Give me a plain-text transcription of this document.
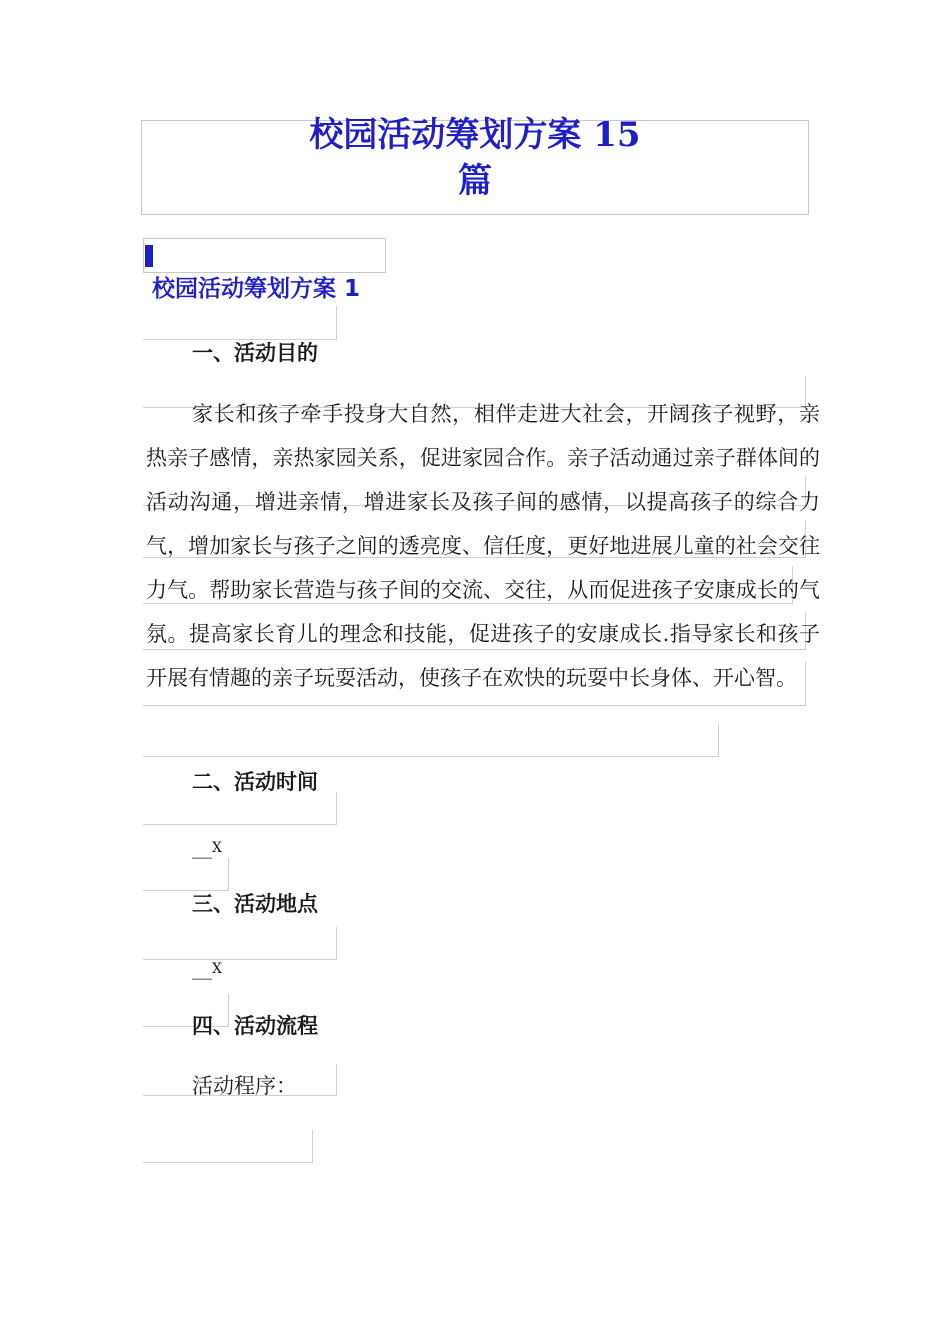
校园活动筹划方案 15
篇
校园活动筹划方案 1
一、活动目的
家长和孩子牵手投身大自然，相伴走进大社会，开阔孩子视野，亲热亲子感情，亲热家园关系，促进家园合作。亲子活动通过亲子群体间的活动沟通，增进亲情，增进家长及孩子间的感情，以提高孩子的综合力气，增加家长与孩子之间的透亮度、信任度，更好地进展儿童的社会交往力气。帮助家长营造与孩子间的交流、交往，从而促进孩子安康成长的气氛。提高家长育儿的理念和技能，促进孩子的安康成长.指导家长和孩子开展有情趣的亲子玩耍活动，使孩子在欢快的玩耍中长身体、开心智。
二、活动时间
__X
三、活动地点
__X
四、活动流程
活动程序：
